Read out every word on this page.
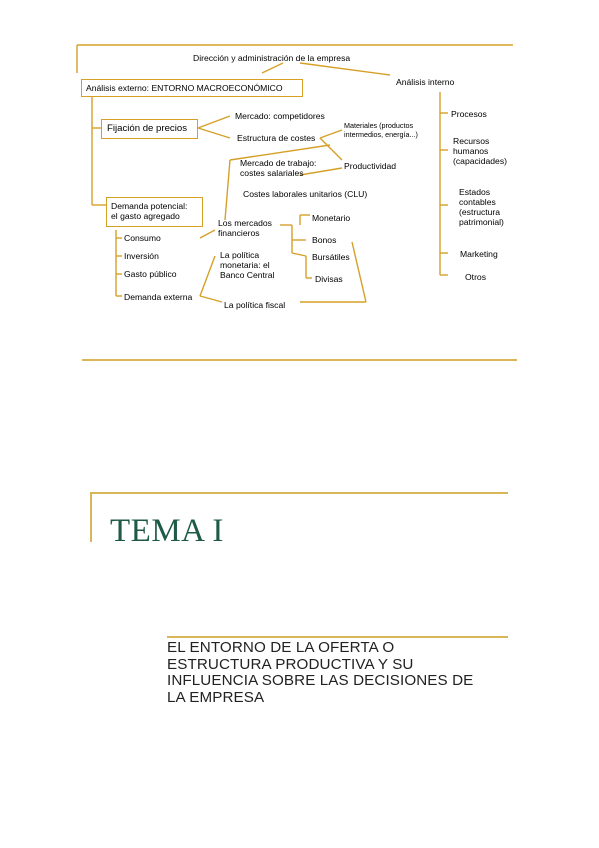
Dirección y administración de la empresa
Análisis externo: ENTORNO MACROECONÓMICO
Análisis interno
Fijación de precios
Mercado: competidores
Estructura de costes
Materiales (productos
intermedios, energía...)
Mercado de trabajo:
costes salariales
Productividad
Costes laborales unitarios (CLU)
Demanda potencial:
el gasto agregado
Consumo
Inversión
Gasto público
Demanda externa
Los mercados
financieros
La política
monetaria: el
Banco Central
La política fiscal
Monetario
Bonos
Bursátiles
Divisas
Procesos
Recursos
humanos
(capacidades)
Estados
contables
(estructura
patrimonial)
Marketing
Otros
TEMA I
EL ENTORNO DE LA OFERTA O
ESTRUCTURA PRODUCTIVA Y SU
INFLUENCIA SOBRE LAS DECISIONES DE
LA EMPRESA
